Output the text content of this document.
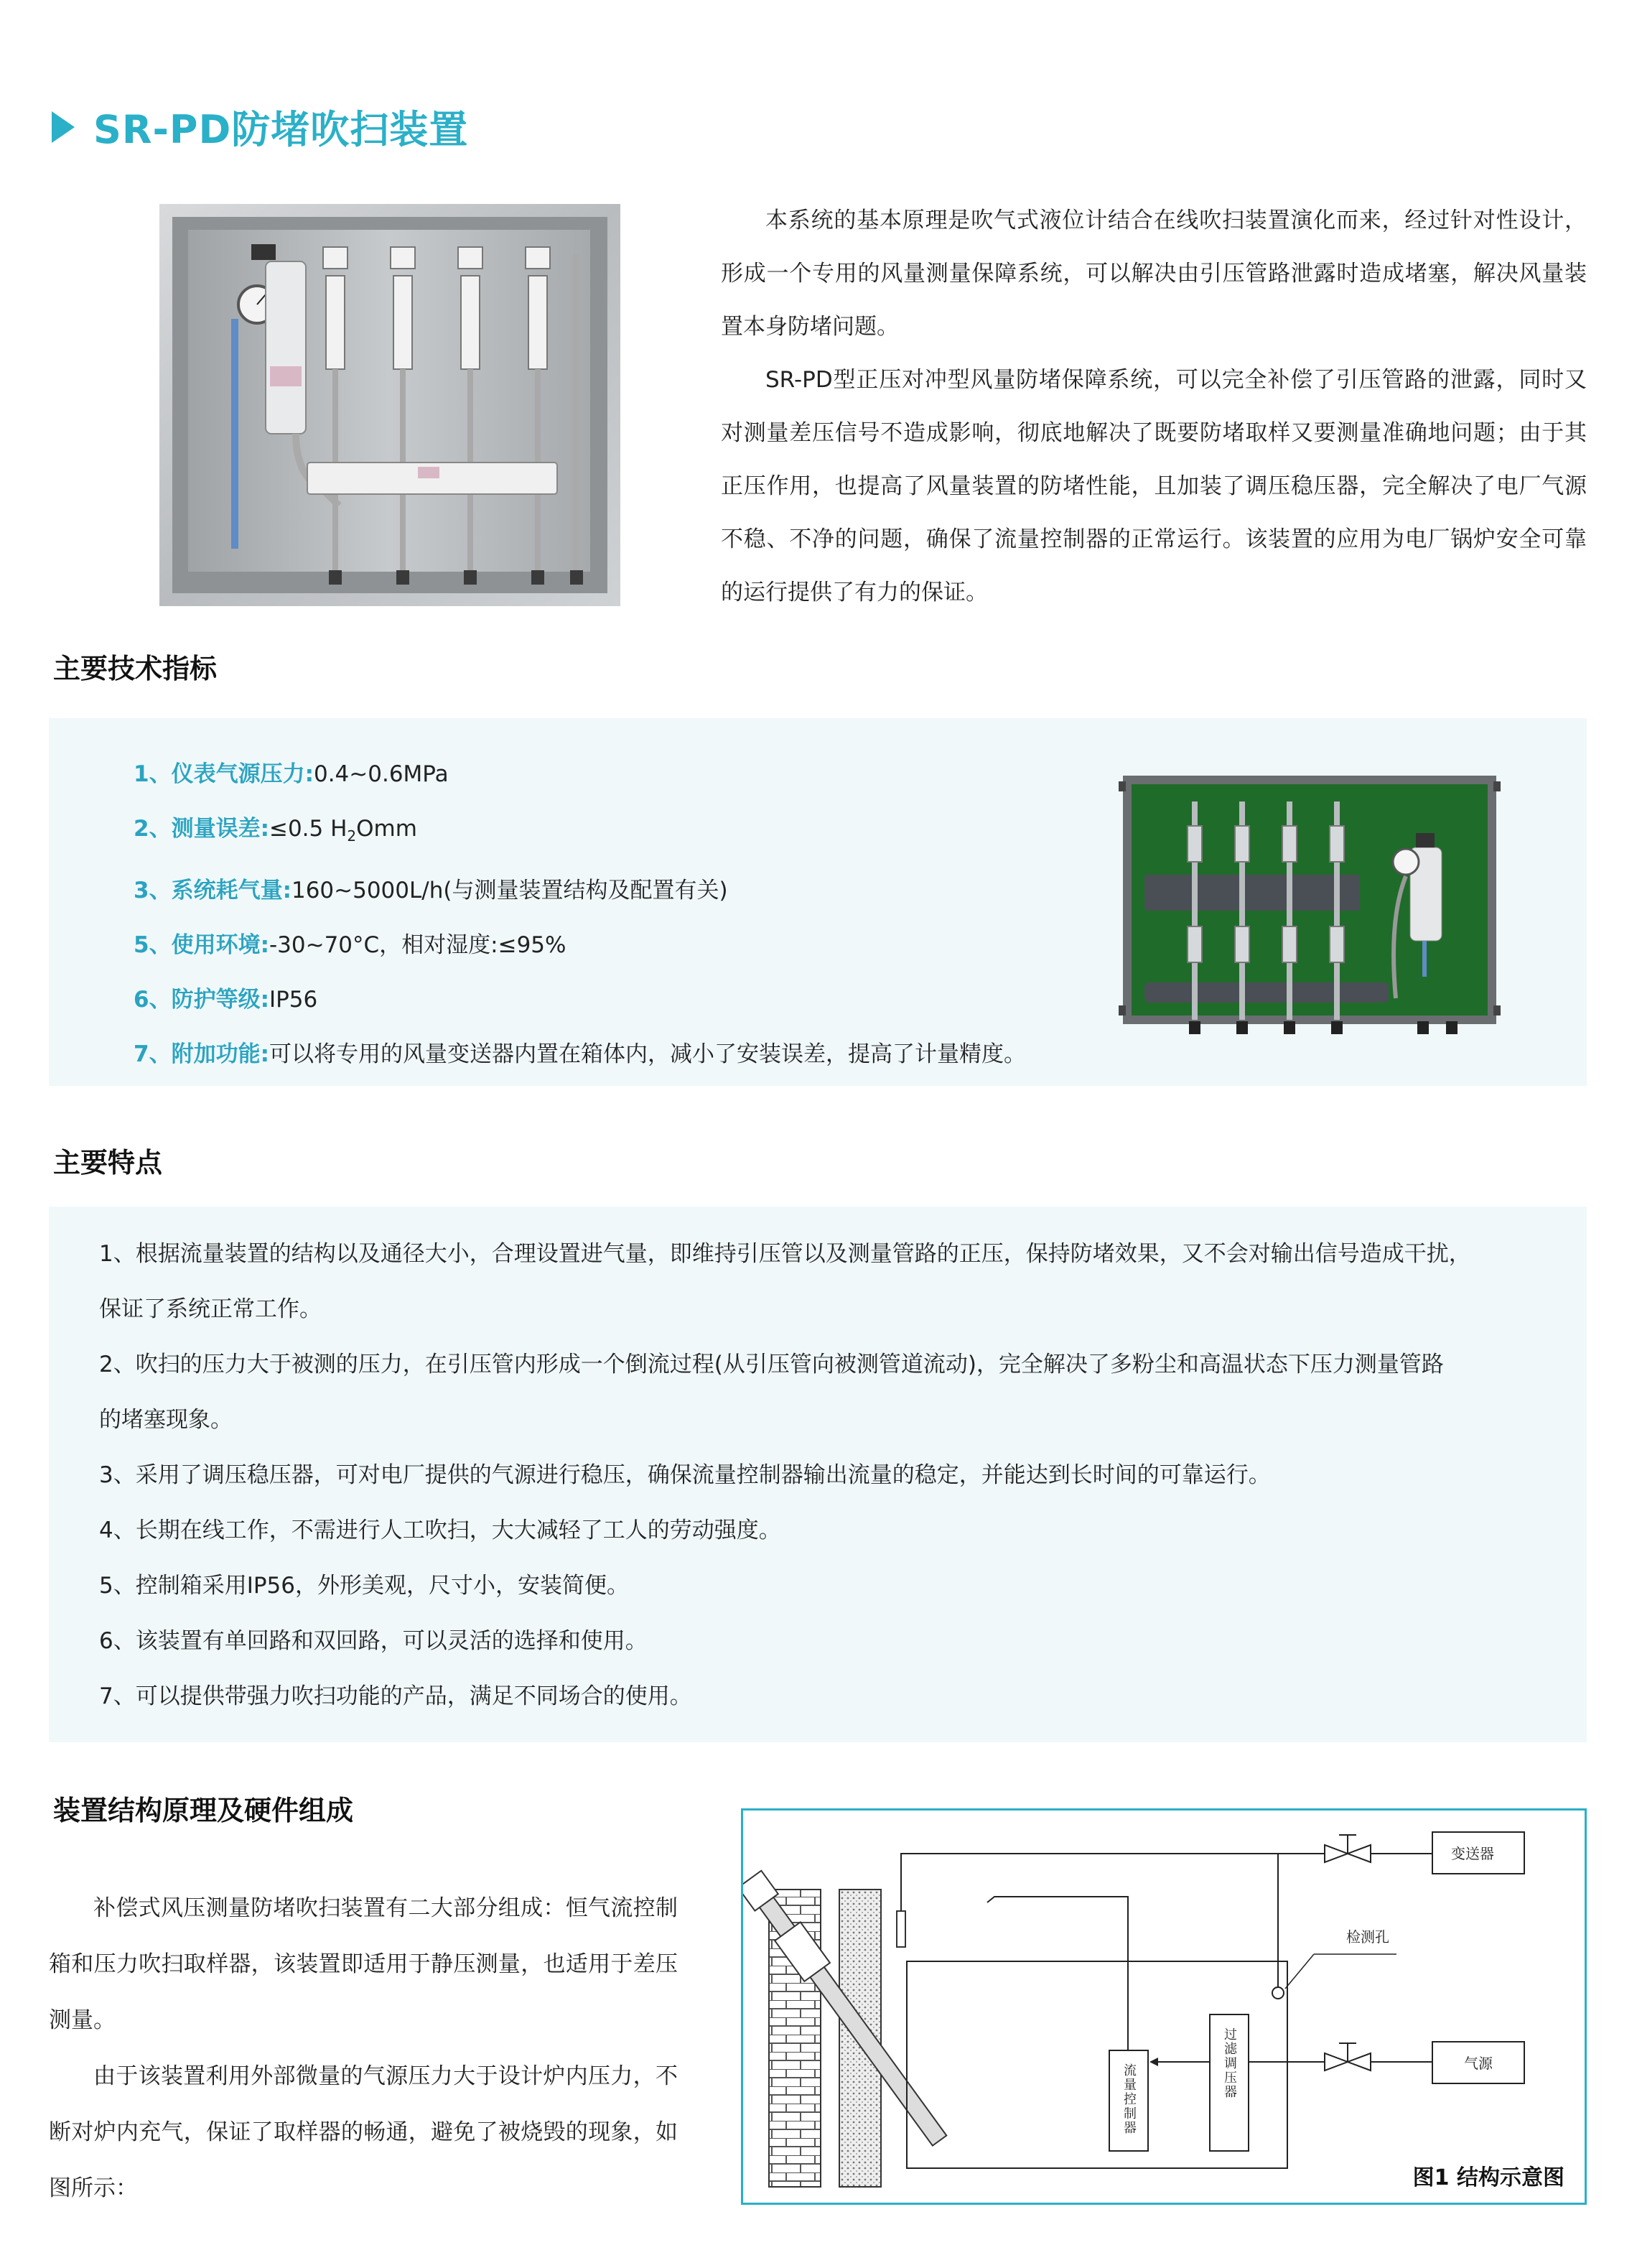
SR-PD防堵吹扫装置

本系统的基本原理是吹气式液位计结合在线吹扫装置演化而来，经过针对性设计，形成一个专用的风量测量保障系统，可以解决由引压管路泄露时造成堵塞，解决风量装置本身防堵问题。

SR-PD型正压对冲型风量防堵保障系统，可以完全补偿了引压管路的泄露，同时又对测量差压信号不造成影响，彻底地解决了既要防堵取样又要测量准确地问题；由于其正压作用，也提高了风量装置的防堵性能，且加装了调压稳压器，完全解决了电厂气源不稳、不净的问题，确保了流量控制器的正常运行。该装置的应用为电厂锅炉安全可靠的运行提供了有力的保证。

主要技术指标
1、仪表气源压力:0.4~0.6MPa
2、测量误差:≤0.5 $H_2Omm$
3、系统耗气量:160~5000L/h(与测量装置结构及配置有关)
5、使用环境:-30~70°C，相对湿度:≤95%
6、防护等级:IP56
7、附加功能:可以将专用的风量变送器内置在箱体内，减小了安装误差，提高了计量精度。
主要特点
1、根据流量装置的结构以及通径大小，合理设置进气量，即维持引压管以及测量管路的正压，保持防堵效果，又不会对输出信号造成干扰，
保证了系统正常工作。
2、吹扫的压力大于被测的压力，在引压管内形成一个倒流过程(从引压管向被测管道流动)，完全解决了多粉尘和高温状态下压力测量管路
的堵塞现象。
3、采用了调压稳压器，可对电厂提供的气源进行稳压，确保流量控制器输出流量的稳定，并能达到长时间的可靠运行。
4、长期在线工作，不需进行人工吹扫，大大减轻了工人的劳动强度。
5、控制箱采用IP56，外形美观，尺寸小，安装简便。
6、该装置有单回路和双回路，可以灵活的选择和使用。
7、可以提供带强力吹扫功能的产品，满足不同场合的使用。
装置结构原理及硬件组成

补偿式风压测量防堵吹扫装置有二大部分组成：恒气流控制箱和压力吹扫取样器，该装置即适用于静压测量，也适用于差压测量。

由于该装置利用外部微量的气源压力大于设计炉内压力，不断对炉内充气，保证了取样器的畅通，避免了被烧毁的现象，如图所示：

变送器
检测孔
气源
流量控制器	过滤调压器
图1 结构示意图
